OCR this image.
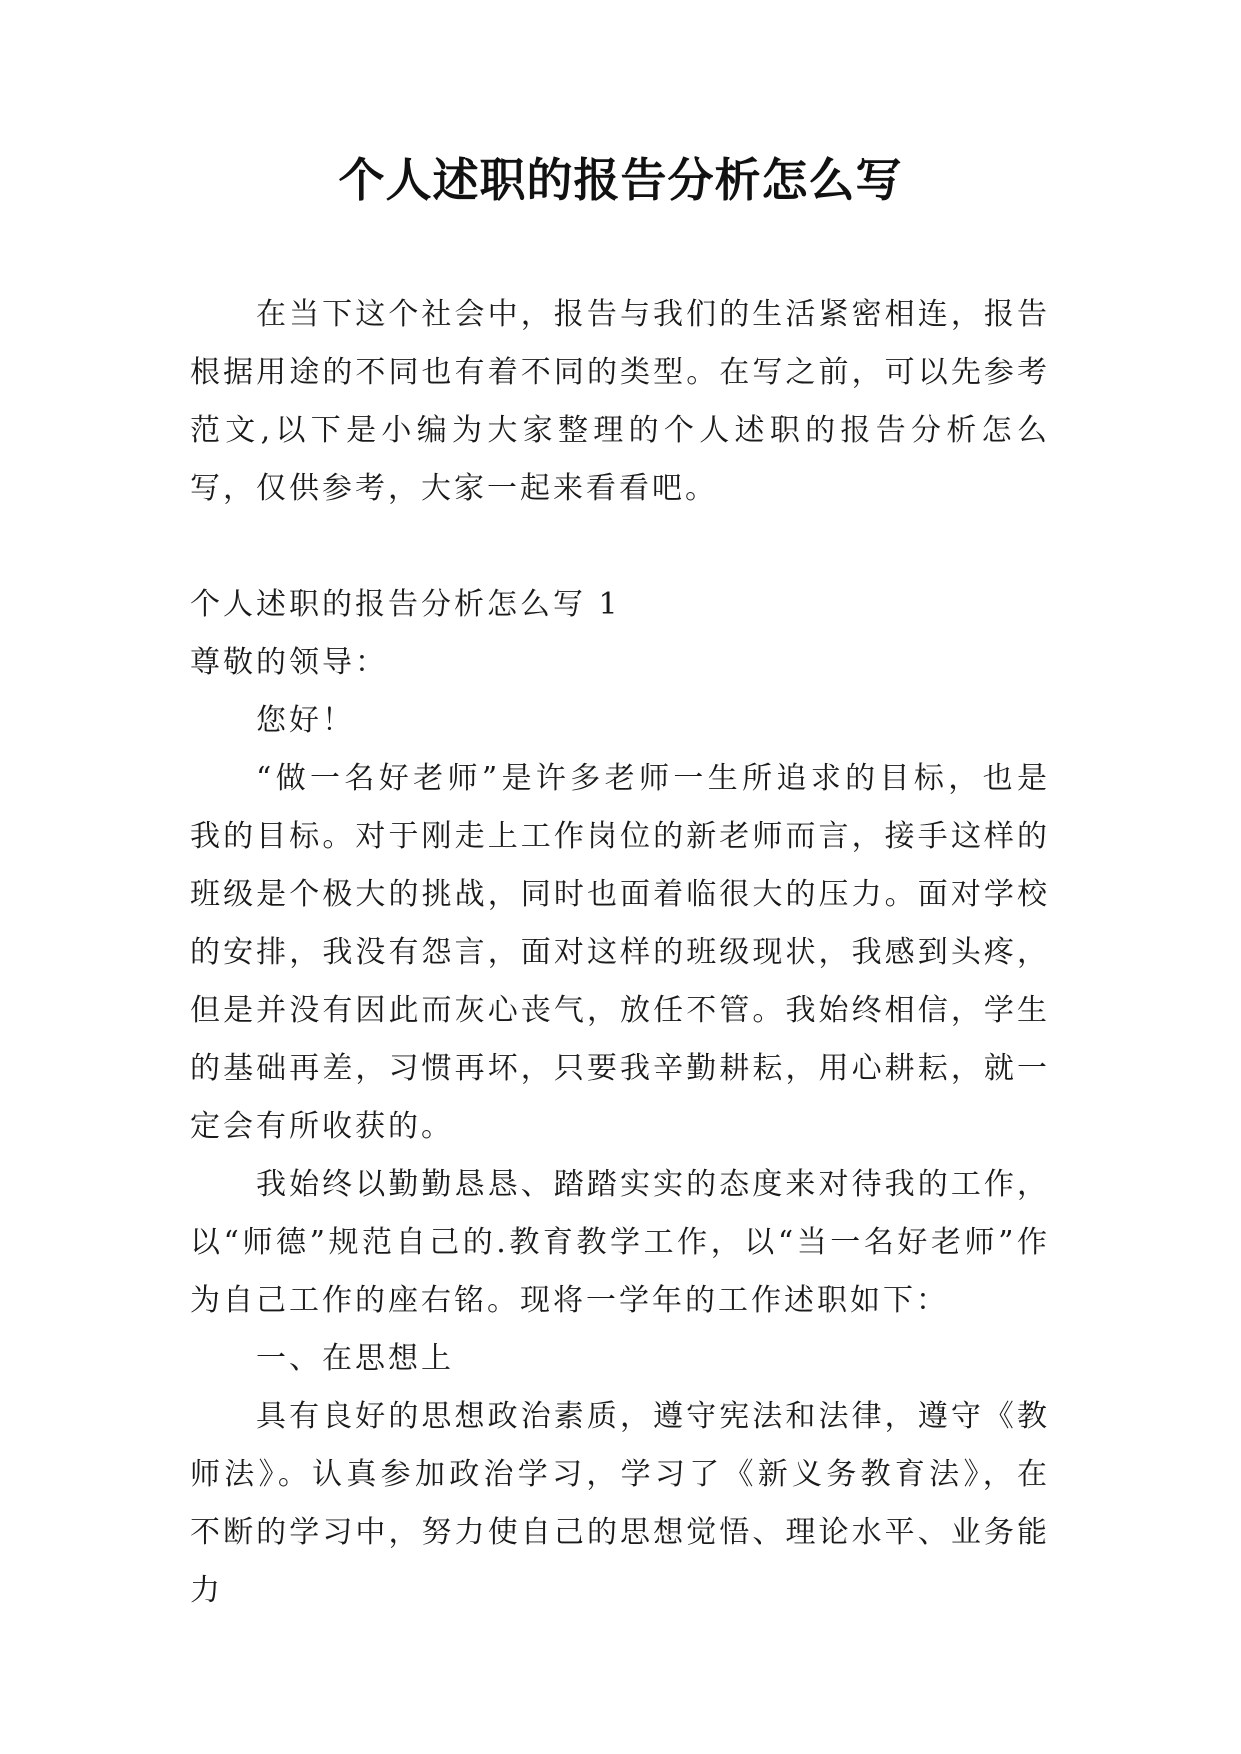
个人述职的报告分析怎么写

在当下这个社会中，报告与我们的生活紧密相连，报告根据用途的不同也有着不同的类型。在写之前，可以先参考范文,以下是小编为大家整理的个人述职的报告分析怎么写，仅供参考，大家一起来看看吧。

个人述职的报告分析怎么写 1

尊敬的领导：

您好！

“做一名好老师”是许多老师一生所追求的目标，也是我的目标。对于刚走上工作岗位的新老师而言，接手这样的班级是个极大的挑战，同时也面着临很大的压力。面对学校的安排，我没有怨言，面对这样的班级现状，我感到头疼，但是并没有因此而灰心丧气，放任不管。我始终相信，学生的基础再差，习惯再坏，只要我辛勤耕耘，用心耕耘，就一定会有所收获的。

我始终以勤勤恳恳、踏踏实实的态度来对待我的工作，以“师德”规范自己的.教育教学工作，以“当一名好老师”作为自己工作的座右铭。现将一学年的工作述职如下：

一、在思想上

具有良好的思想政治素质，遵守宪法和法律，遵守《教师法》。认真参加政治学习，学习了《新义务教育法》，在不断的学习中，努力使自己的思想觉悟、理论水平、业务能力
